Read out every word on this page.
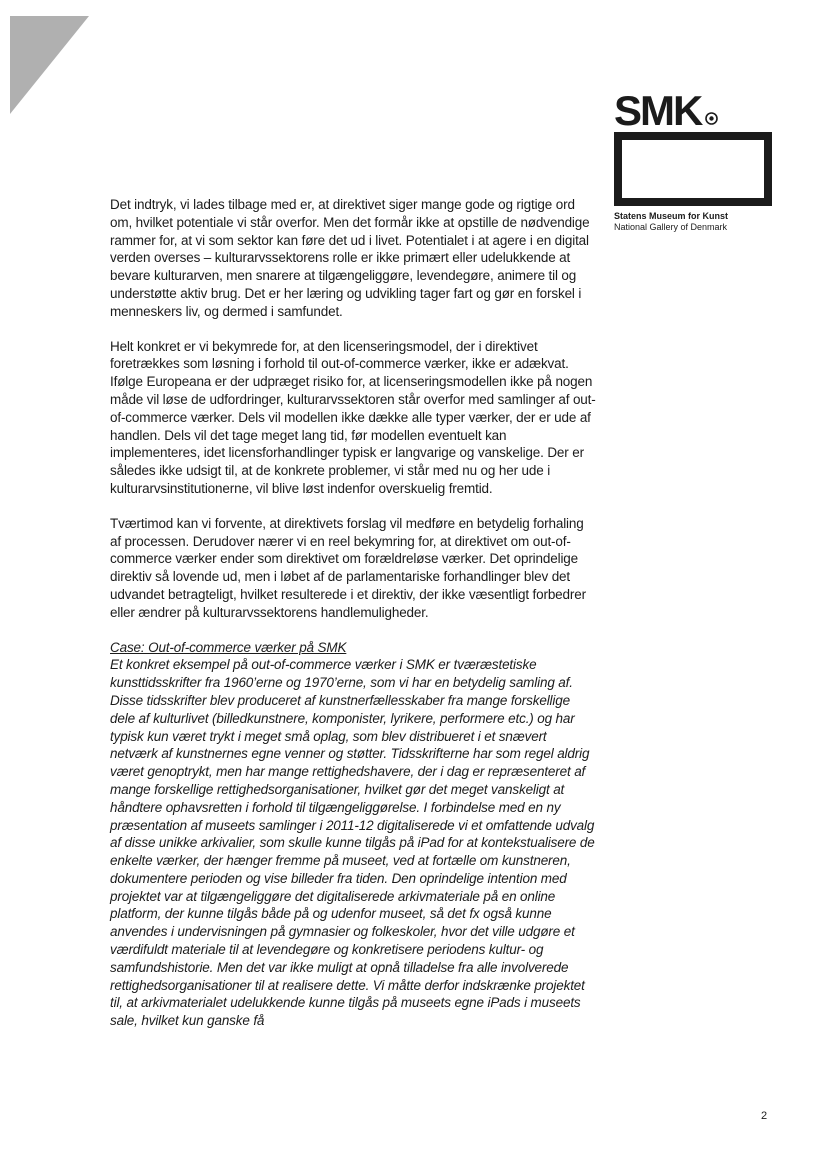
SMK
Statens Museum for Kunst
National Gallery of Denmark

Det indtryk, vi lades tilbage med er, at direktivet siger mange gode og rigtige ord om, hvilket potentiale vi står overfor. Men det formår ikke at opstille de nødvendige rammer for, at vi som sektor kan føre det ud i livet. Potentialet i at agere i en digital verden overses – kulturarvssektorens rolle er ikke primært eller udelukkende at bevare kulturarven, men snarere at tilgængeliggøre, levendegøre, animere til og understøtte aktiv brug. Det er her læring og udvikling tager fart og gør en forskel i menneskers liv, og dermed i samfundet.

Helt konkret er vi bekymrede for, at den licenseringsmodel, der i direktivet foretrækkes som løsning i forhold til out-of-commerce værker, ikke er adækvat. Ifølge Europeana er der udpræget risiko for, at licenseringsmodellen ikke på nogen måde vil løse de udfordringer, kulturarvssektoren står overfor med samlinger af out-of-commerce værker. Dels vil modellen ikke dække alle typer værker, der er ude af handlen. Dels vil det tage meget lang tid, før modellen eventuelt kan implementeres, idet licensforhandlinger typisk er langvarige og vanskelige. Der er således ikke udsigt til, at de konkrete problemer, vi står med nu og her ude i kulturarvsinstitutionerne, vil blive løst indenfor overskuelig fremtid.

Tværtimod kan vi forvente, at direktivets forslag vil medføre en betydelig forhaling af processen. Derudover nærer vi en reel bekymring for, at direktivet om out-of-commerce værker ender som direktivet om forældreløse værker. Det oprindelige direktiv så lovende ud, men i løbet af de parlamentariske forhandlinger blev det udvandet betragteligt, hvilket resulterede i et direktiv, der ikke væsentligt forbedrer eller ændrer på kulturarvssektorens handlemuligheder.

Case: Out-of-commerce værker på SMK
Et konkret eksempel på out-of-commerce værker i SMK er tværæstetiske kunsttidsskrifter fra 1960’erne og 1970’erne, som vi har en betydelig samling af. Disse tidsskrifter blev produceret af kunstnerfællesskaber fra mange forskellige dele af kulturlivet (billedkunstnere, komponister, lyrikere, performere etc.) og har typisk kun været trykt i meget små oplag, som blev distribueret i et snævert netværk af kunstnernes egne venner og støtter. Tidsskrifterne har som regel aldrig været genoptrykt, men har mange rettighedshavere, der i dag er repræsenteret af mange forskellige rettighedsorganisationer, hvilket gør det meget vanskeligt at håndtere ophavsretten i forhold til tilgængeliggørelse. I forbindelse med en ny præsentation af museets samlinger i 2011-12 digitaliserede vi et omfattende udvalg af disse unikke arkivalier, som skulle kunne tilgås på iPad for at kontekstualisere de enkelte værker, der hænger fremme på museet, ved at fortælle om kunstneren, dokumentere perioden og vise billeder fra tiden. Den oprindelige intention med projektet var at tilgængeliggøre det digitaliserede arkivmateriale på en online platform, der kunne tilgås både på og udenfor museet, så det fx også kunne anvendes i undervisningen på gymnasier og folkeskoler, hvor det ville udgøre et værdifuldt materiale til at levendegøre og konkretisere periodens kultur- og samfundshistorie. Men det var ikke muligt at opnå tilladelse fra alle involverede rettighedsorganisationer til at realisere dette. Vi måtte derfor indskrænke projektet til, at arkivmaterialet udelukkende kunne tilgås på museets egne iPads i museets sale, hvilket kun ganske få
2
